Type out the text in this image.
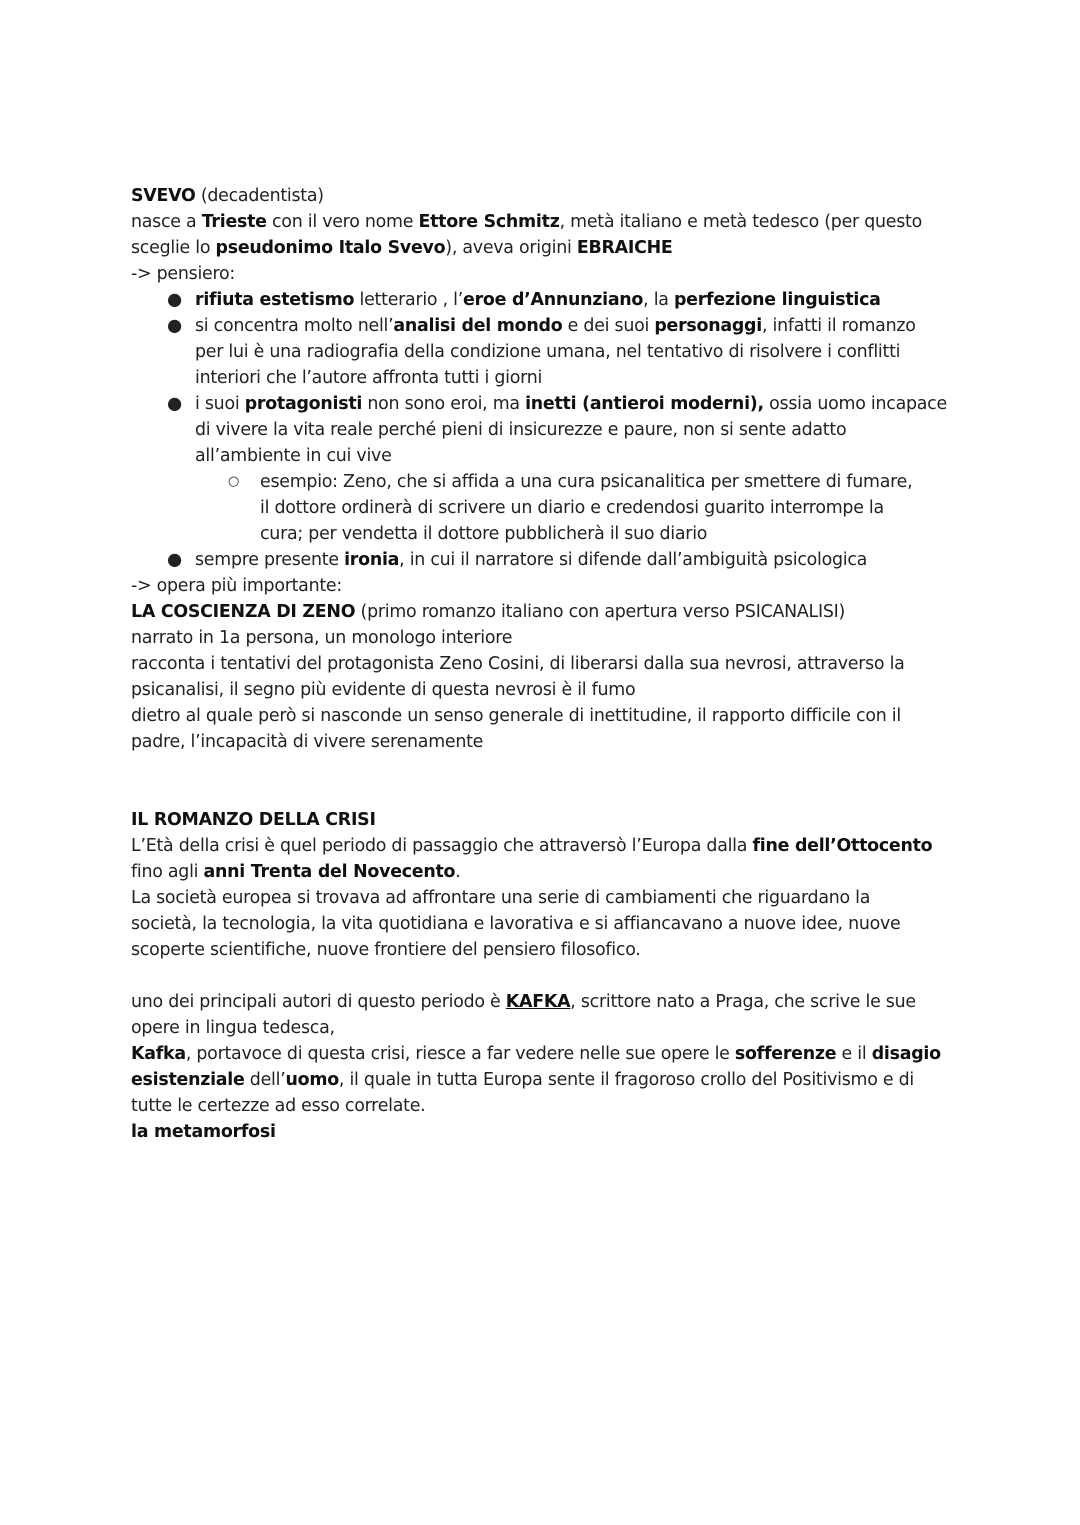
SVEVO (decadentista)
nasce a Trieste con il vero nome Ettore Schmitz, metà italiano e metà tedesco (per questo
sceglie lo pseudonimo Italo Svevo), aveva origini EBRAICHE
-> pensiero:
● rifiuta estetismo letterario , l’eroe d’Annunziano, la perfezione linguistica
● si concentra molto nell’analisi del mondo e dei suoi personaggi, infatti il romanzo
per lui è una radiografia della condizione umana, nel tentativo di risolvere i conflitti
interiori che l’autore affronta tutti i giorni
● i suoi protagonisti non sono eroi, ma inetti (antieroi moderni), ossia uomo incapace
di vivere la vita reale perché pieni di insicurezze e paure, non si sente adatto
all’ambiente in cui vive
○ esempio: Zeno, che si affida a una cura psicanalitica per smettere di fumare,
il dottore ordinerà di scrivere un diario e credendosi guarito interrompe la
cura; per vendetta il dottore pubblicherà il suo diario
● sempre presente ironia, in cui il narratore si difende dall’ambiguità psicologica
-> opera più importante:
LA COSCIENZA DI ZENO (primo romanzo italiano con apertura verso PSICANALISI)
narrato in 1a persona, un monologo interiore
racconta i tentativi del protagonista Zeno Cosini, di liberarsi dalla sua nevrosi, attraverso la
psicanalisi, il segno più evidente di questa nevrosi è il fumo
dietro al quale però si nasconde un senso generale di inettitudine, il rapporto difficile con il
padre, l’incapacità di vivere serenamente
IL ROMANZO DELLA CRISI
L’Età della crisi è quel periodo di passaggio che attraversò l’Europa dalla fine dell’Ottocento
fino agli anni Trenta del Novecento.
La società europea si trovava ad affrontare una serie di cambiamenti che riguardano la
società, la tecnologia, la vita quotidiana e lavorativa e si affiancavano a nuove idee, nuove
scoperte scientifiche, nuove frontiere del pensiero filosofico.
uno dei principali autori di questo periodo è KAFKA, scrittore nato a Praga, che scrive le sue
opere in lingua tedesca,
Kafka, portavoce di questa crisi, riesce a far vedere nelle sue opere le sofferenze e il disagio
esistenziale dell’uomo, il quale in tutta Europa sente il fragoroso crollo del Positivismo e di
tutte le certezze ad esso correlate.
la metamorfosi
